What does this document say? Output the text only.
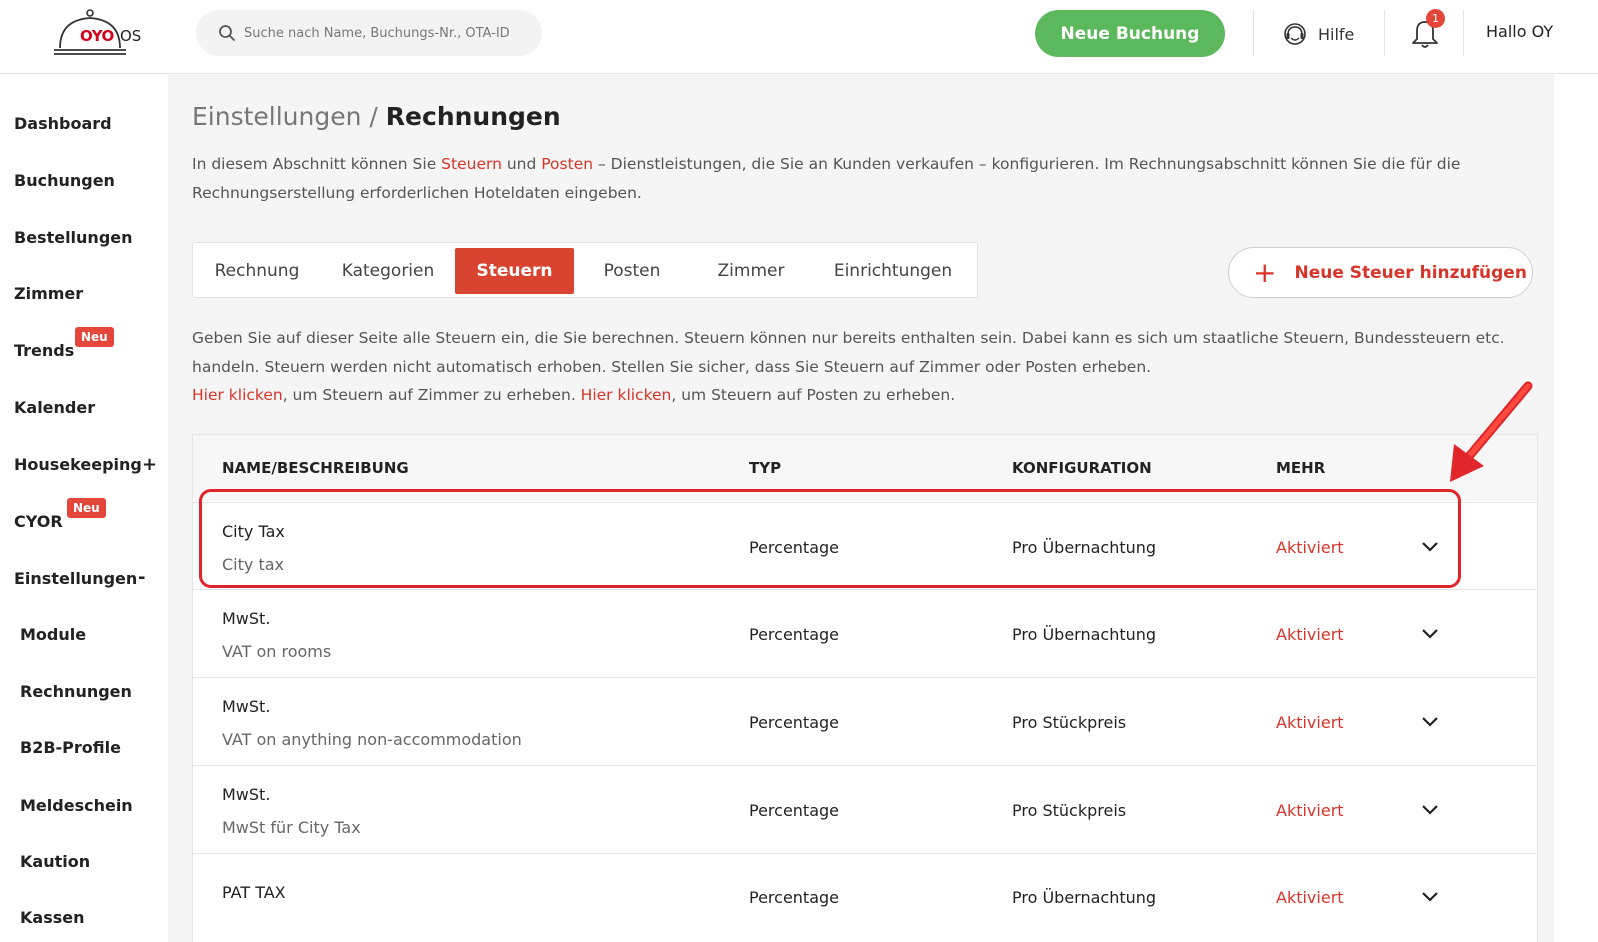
OYO OS
Suche nach Name, Buchungs-Nr., OTA-ID	Neue Buchung	Hilfe
1
Hallo OY
Dashboard
Buchungen
Bestellungen
Zimmer
Trends
Neu
Kalender
Housekeeping +
CYOR
Neu
Einstellungen -
Module
Rechnungen
B2B-Profile
Meldeschein
Kaution
Kassen
Einstellungen / Rechnungen

In diesem Abschnitt können Sie Steuern und Posten – Dienstleistungen, die Sie an Kunden verkaufen – konfigurieren. Im Rechnungsabschnitt können Sie die für die Rechnungserstellung erforderlichen Hoteldaten eingeben.

Rechnung	Kategorien	Steuern	Posten	Zimmer	Einrichtungen	+ Neue Steuer hinzufügen

Geben Sie auf dieser Seite alle Steuern ein, die Sie berechnen. Steuern können nur bereits enthalten sein. Dabei kann es sich um staatliche Steuern, Bundessteuern etc. handeln. Steuern werden nicht automatisch erhoben. Stellen Sie sicher, dass Sie Steuern auf Zimmer oder Posten erheben.
Hier klicken, um Steuern auf Zimmer zu erheben. Hier klicken, um Steuern auf Posten zu erheben.

NAME/BESCHREIBUNG	TYP	KONFIGURATION	MEHR
City Tax
City tax
Percentage	Pro Übernachtung	Aktiviert
MwSt.
VAT on rooms
Percentage	Pro Übernachtung	Aktiviert
MwSt.
VAT on anything non-accommodation
Percentage	Pro Stückpreis	Aktiviert
MwSt.
MwSt für City Tax
Percentage	Pro Stückpreis	Aktiviert
PAT TAX	Percentage	Pro Übernachtung	Aktiviert
